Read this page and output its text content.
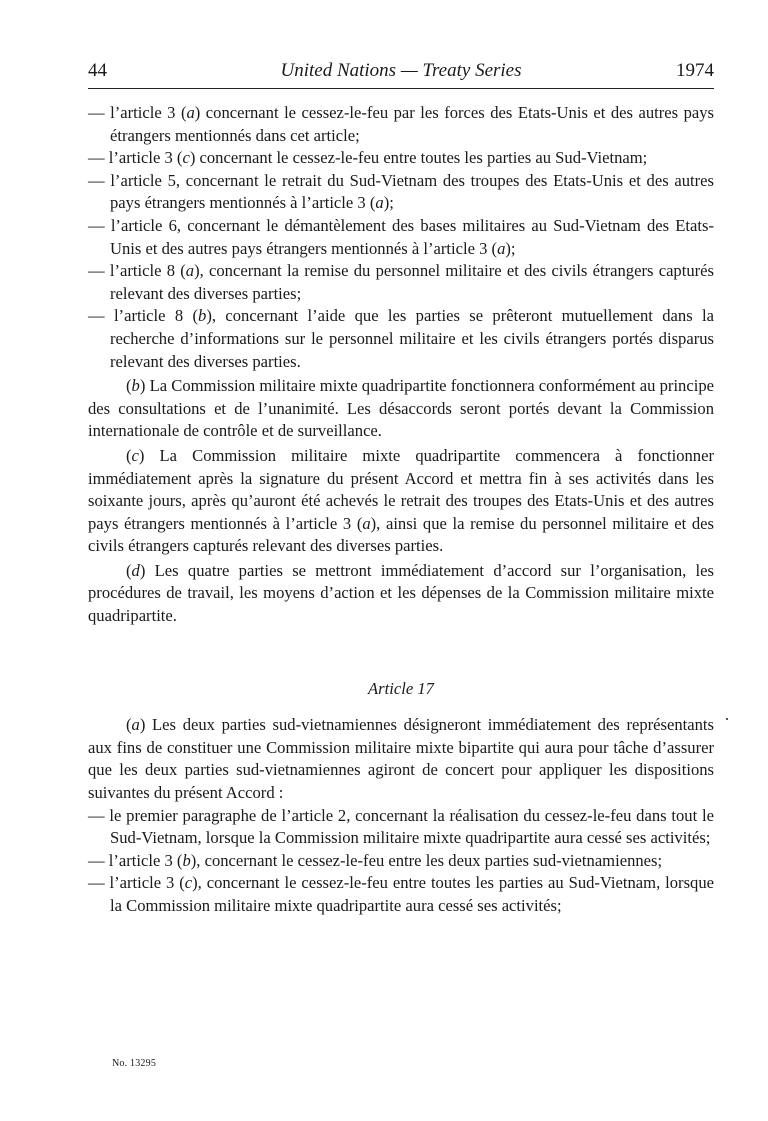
44	United Nations — Treaty Series	1974

— l’article 3 (a) concernant le cessez-le-feu par les forces des Etats-Unis et des autres pays étrangers mentionnés dans cet article;

— l’article 3 (c) concernant le cessez-le-feu entre toutes les parties au Sud-Vietnam;

— l’article 5, concernant le retrait du Sud-Vietnam des troupes des Etats-Unis et des autres pays étrangers mentionnés à l’article 3 (a);

— l’article 6, concernant le démantèlement des bases militaires au Sud-Vietnam des Etats-Unis et des autres pays étrangers mentionnés à l’article 3 (a);

— l’article 8 (a), concernant la remise du personnel militaire et des civils étrangers capturés relevant des diverses parties;

— l’article 8 (b), concernant l’aide que les parties se prêteront mutuellement dans la recherche d’informations sur le personnel militaire et les civils étrangers portés disparus relevant des diverses parties.

(b) La Commission militaire mixte quadripartite fonctionnera conformément au principe des consultations et de l’unanimité. Les désaccords seront portés devant la Commission internationale de contrôle et de surveillance.

(c) La Commission militaire mixte quadripartite commencera à fonctionner immédiatement après la signature du présent Accord et mettra fin à ses activités dans les soixante jours, après qu’auront été achevés le retrait des troupes des Etats-Unis et des autres pays étrangers mentionnés à l’article 3 (a), ainsi que la remise du personnel militaire et des civils étrangers capturés relevant des diverses parties.

(d) Les quatre parties se mettront immédiatement d’accord sur l’organisation, les procédures de travail, les moyens d’action et les dépenses de la Commission militaire mixte quadripartite.

Article 17

(a) Les deux parties sud-vietnamiennes désigneront immédiatement des représentants aux fins de constituer une Commission militaire mixte bipartite qui aura pour tâche d’assurer que les deux parties sud-vietnamiennes agiront de concert pour appliquer les dispositions suivantes du présent Accord :

— le premier paragraphe de l’article 2, concernant la réalisation du cessez-le-feu dans tout le Sud-Vietnam, lorsque la Commission militaire mixte quadripartite aura cessé ses activités;

— l’article 3 (b), concernant le cessez-le-feu entre les deux parties sud-vietnamiennes;

— l’article 3 (c), concernant le cessez-le-feu entre toutes les parties au Sud-Vietnam, lorsque la Commission militaire mixte quadripartite aura cessé ses activités;

No. 13295
